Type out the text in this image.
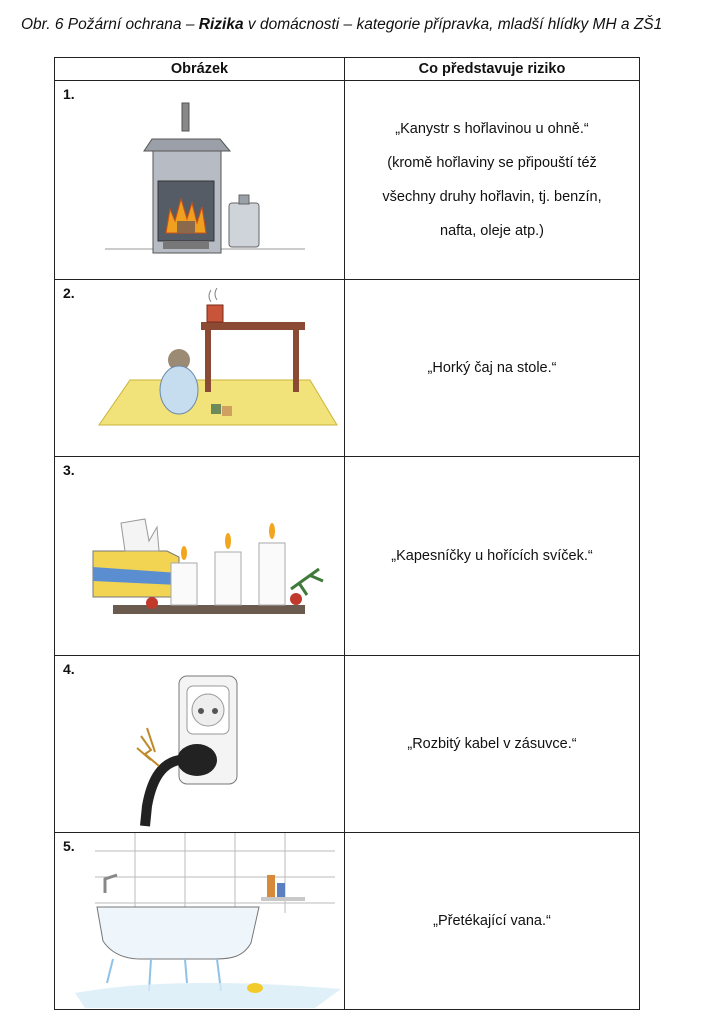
Obr. 6 Požární ochrana – Rizika v domácnosti – kategorie přípravka, mladší hlídky MH a ZŠ1
Obrázek	Co představuje riziko

1.	„Kanystr s hořlavinou u ohně.“
(kromě hořlaviny se připouští též
všechny druhy hořlavin, tj. benzín,
nafta, oleje atp.)

2.	„Horký čaj na stole.“

3.	„Kapesníčky u hořících svíček.“

4.	„Rozbitý kabel v zásuvce.“

5.	„Přetékající vana.“
